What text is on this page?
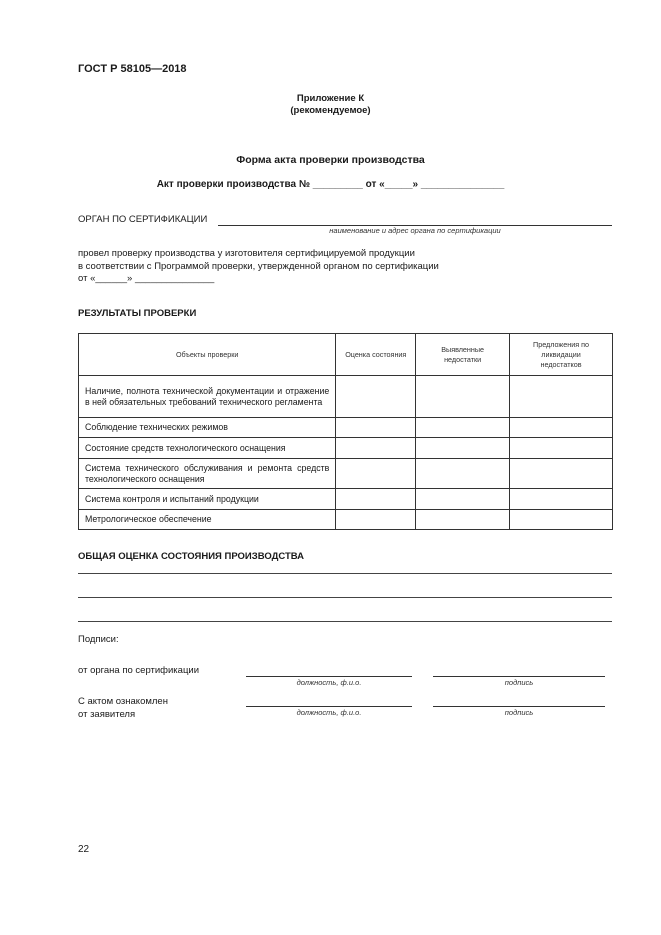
ГОСТ Р 58105—2018
Приложение К
(рекомендуемое)
Форма акта проверки производства
Акт проверки производства № _________ от «_____» _______________
ОРГАН ПО СЕРТИФИКАЦИИ
наименование и адрес органа по сертификации
провел проверку производства у изготовителя сертифицируемой продукции
в соответствии с Программой проверки, утвержденной органом по сертификации
от «______» _______________
РЕЗУЛЬТАТЫ ПРОВЕРКИ
Объекты проверки	Оценка состояния	Выявленные недостатки	Предложения по ликвидации недостатков
Наличие, полнота технической документации и отражение в ней обязательных требований технического регламента			
Соблюдение технических режимов			
Состояние средств технологического оснащения			
Система технического обслуживания и ремонта средств технологического оснащения			
Система контроля и испытаний продукции			
Метрологическое обеспечение			
ОБЩАЯ ОЦЕНКА СОСТОЯНИЯ ПРОИЗВОДСТВА
Подписи:
от органа по сертификации
должность, ф.и.о.	подпись
С актом ознакомлен
от заявителя	должность, ф.и.о.	подпись
22
